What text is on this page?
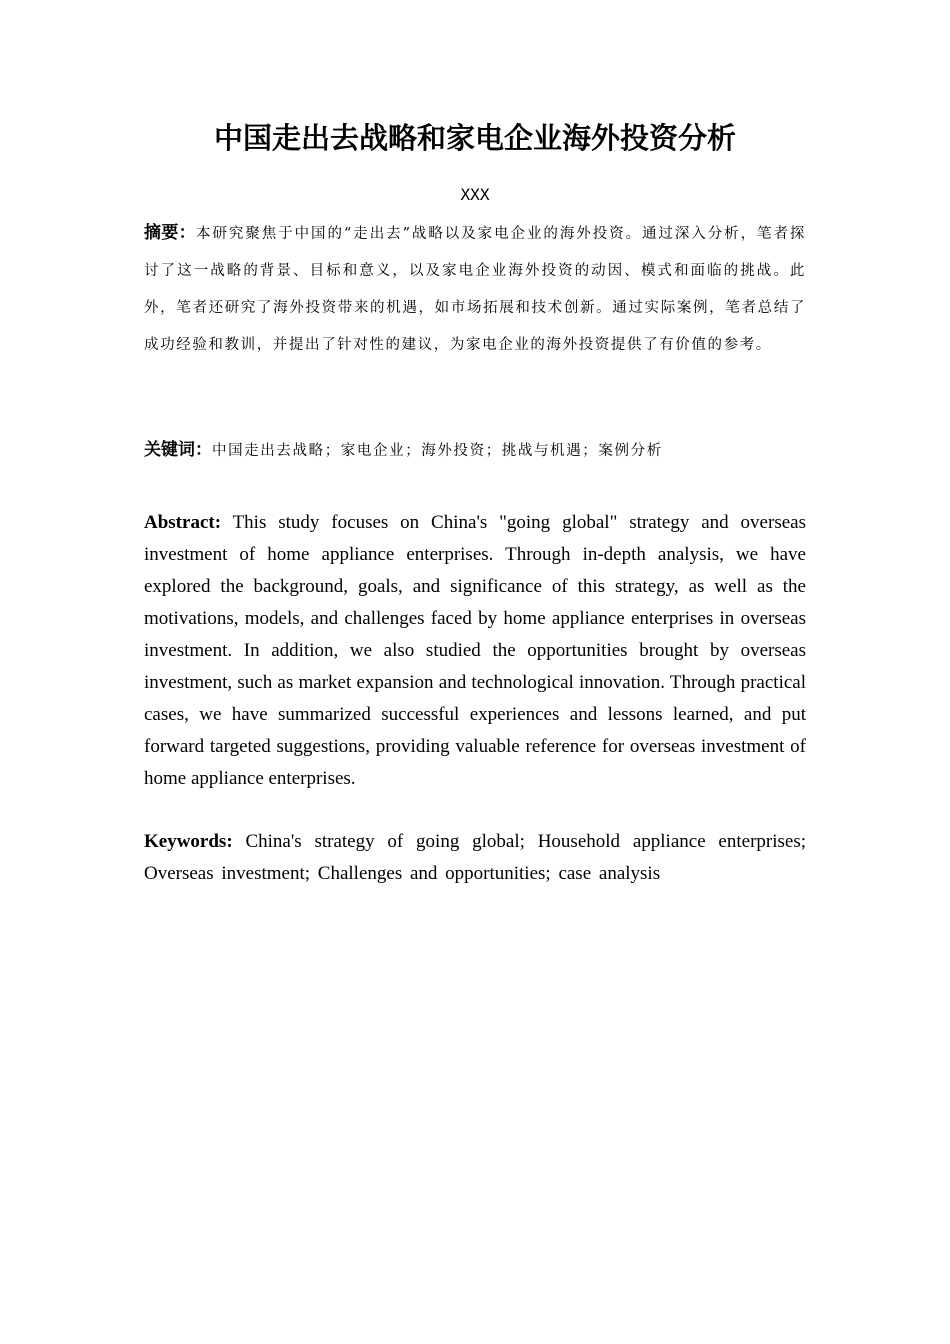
中国走出去战略和家电企业海外投资分析
XXX

摘要：本研究聚焦于中国的“走出去”战略以及家电企业的海外投资。通过深入分析，笔者探讨了这一战略的背景、目标和意义，以及家电企业海外投资的动因、模式和面临的挑战。此外，笔者还研究了海外投资带来的机遇，如市场拓展和技术创新。通过实际案例，笔者总结了成功经验和教训，并提出了针对性的建议，为家电企业的海外投资提供了有价值的参考。

关键词：中国走出去战略；家电企业；海外投资；挑战与机遇；案例分析

Abstract: This study focuses on China's "going global" strategy and overseas investment of home appliance enterprises. Through in-depth analysis, we have explored the background, goals, and significance of this strategy, as well as the motivations, models, and challenges faced by home appliance enterprises in overseas investment. In addition, we also studied the opportunities brought by overseas investment, such as market expansion and technological innovation. Through practical cases, we have summarized successful experiences and lessons learned, and put forward targeted suggestions, providing valuable reference for overseas investment of home appliance enterprises.

Keywords: China's strategy of going global; Household appliance enterprises; Overseas investment; Challenges and opportunities; case analysis
